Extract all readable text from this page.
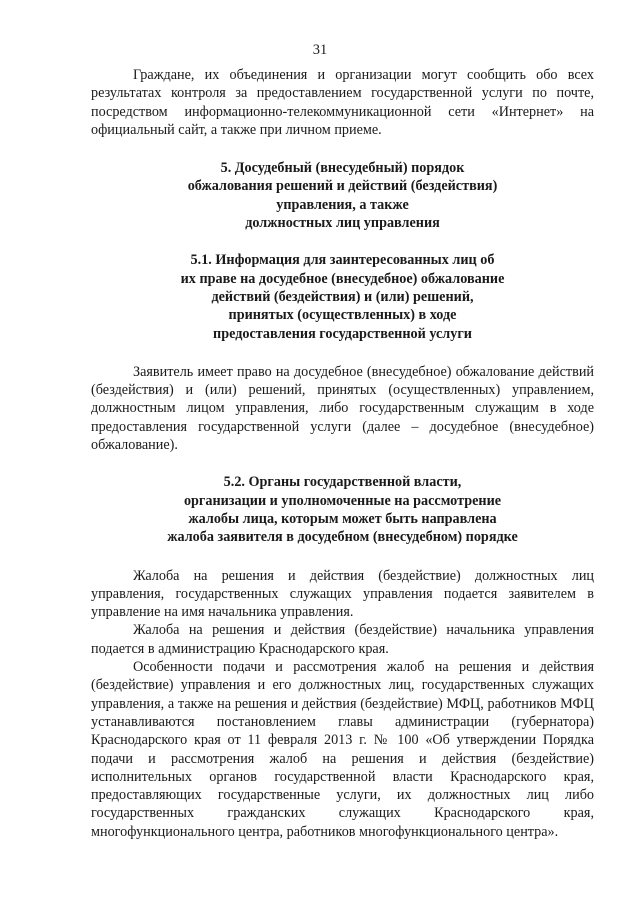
31

Граждане, их объединения и организации могут сообщить обо всех результатах контроля за предоставлением государственной услуги по почте, посредством информационно-телекоммуникационной сети «Интернет» на официальный сайт, а также при личном приеме.

5. Досудебный (внесудебный) порядок
обжалования решений и действий (бездействия)
управления, а также
должностных лиц управления
5.1. Информация для заинтересованных лиц об
их праве на досудебное (внесудебное) обжалование
действий (бездействия) и (или) решений,
принятых (осуществленных) в ходе
предоставления государственной услуги

Заявитель имеет право на досудебное (внесудебное) обжалование действий (бездействия) и (или) решений, принятых (осуществленных) управлением, должностным лицом управления, либо государственным служащим в ходе предоставления государственной услуги (далее – досудебное (внесудебное) обжалование).

5.2. Органы государственной власти,
организации и уполномоченные на рассмотрение
жалобы лица, которым может быть направлена
жалоба заявителя в досудебном (внесудебном) порядке

Жалоба на решения и действия (бездействие) должностных лиц управления, государственных служащих управления подается заявителем в управление на имя начальника управления.

Жалоба на решения и действия (бездействие) начальника управления подается в администрацию Краснодарского края.

Особенности подачи и рассмотрения жалоб на решения и действия (бездействие) управления и его должностных лиц, государственных служащих управления, а также на решения и действия (бездействие) МФЦ, работников МФЦ устанавливаются постановлением главы администрации (губернатора) Краснодарского края от 11 февраля 2013 г. № 100 «Об утверждении Порядка подачи и рассмотрения жалоб на решения и действия (бездействие) исполнительных органов государственной власти Краснодарского края, предоставляющих государственные услуги, их должностных лиц либо государственных гражданских служащих Краснодарского края, многофункционального центра, работников многофункционального центра».
